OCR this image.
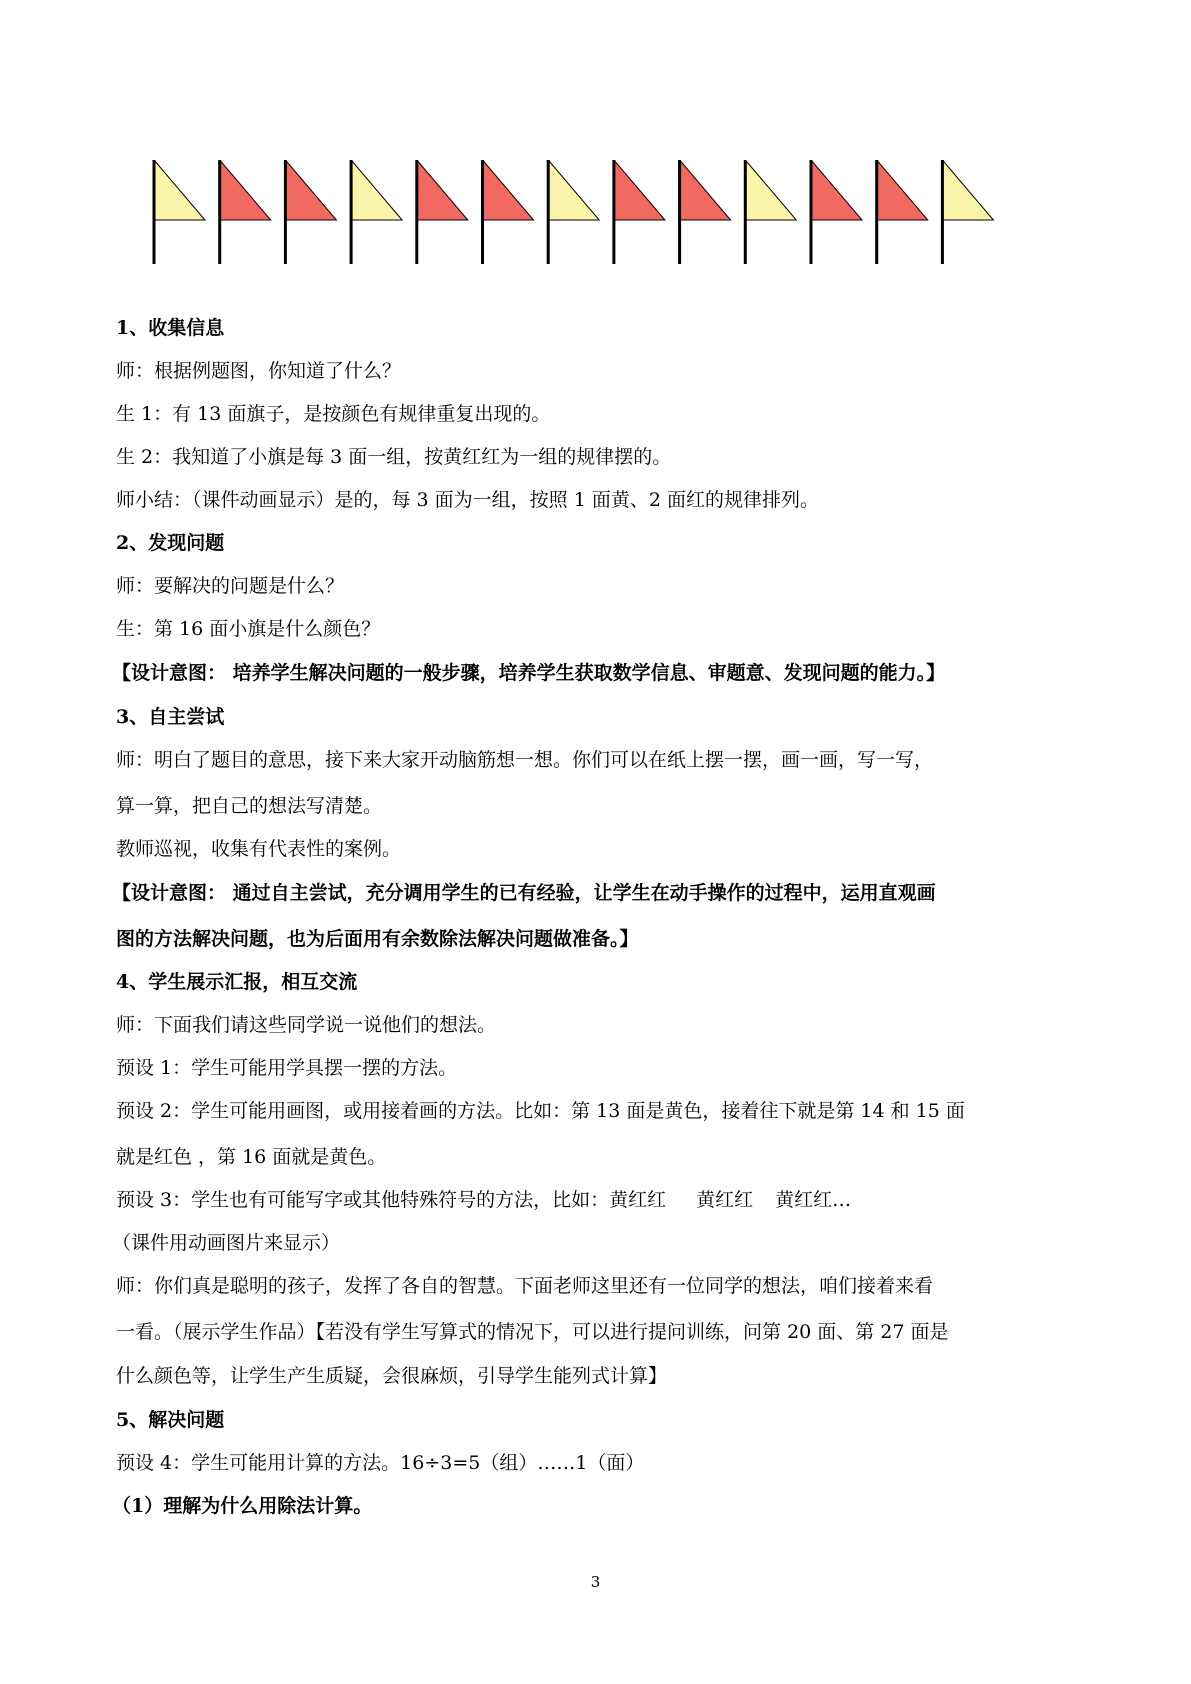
1、收集信息
师：根据例题图，你知道了什么？
生 1：有 13 面旗子，是按颜色有规律重复出现的。
生 2：我知道了小旗是每 3 面一组，按黄红红为一组的规律摆的。
师小结：（课件动画显示）是的，每 3 面为一组，按照 1 面黄、2 面红的规律排列。
2、发现问题
师：要解决的问题是什么？
生：第 16 面小旗是什么颜色？
【设计意图： 培养学生解决问题的一般步骤，培养学生获取数学信息、审题意、发现问题的能力。】
3、自主尝试
师：明白了题目的意思，接下来大家开动脑筋想一想。你们可以在纸上摆一摆，画一画，写一写，
算一算，把自己的想法写清楚。
教师巡视，收集有代表性的案例。
【设计意图： 通过自主尝试，充分调用学生的已有经验，让学生在动手操作的过程中，运用直观画
图的方法解决问题，也为后面用有余数除法解决问题做准备。】
4、学生展示汇报，相互交流
师：下面我们请这些同学说一说他们的想法。
预设 1：学生可能用学具摆一摆的方法。
预设 2：学生可能用画图，或用接着画的方法。比如：第 13 面是黄色，接着往下就是第 14 和 15 面
就是红色 ，第 16 面就是黄色。
预设 3：学生也有可能写字或其他特殊符号的方法，比如：黄红红 黄红红 黄红红…
（课件用动画图片来显示）
师：你们真是聪明的孩子，发挥了各自的智慧。下面老师这里还有一位同学的想法，咱们接着来看
一看。（展示学生作品）【若没有学生写算式的情况下，可以进行提问训练，问第 20 面、第 27 面是
什么颜色等，让学生产生质疑，会很麻烦，引导学生能列式计算】
5、解决问题
预设 4：学生可能用计算的方法。16÷3=5（组）……1（面）
（1）理解为什么用除法计算。
3
